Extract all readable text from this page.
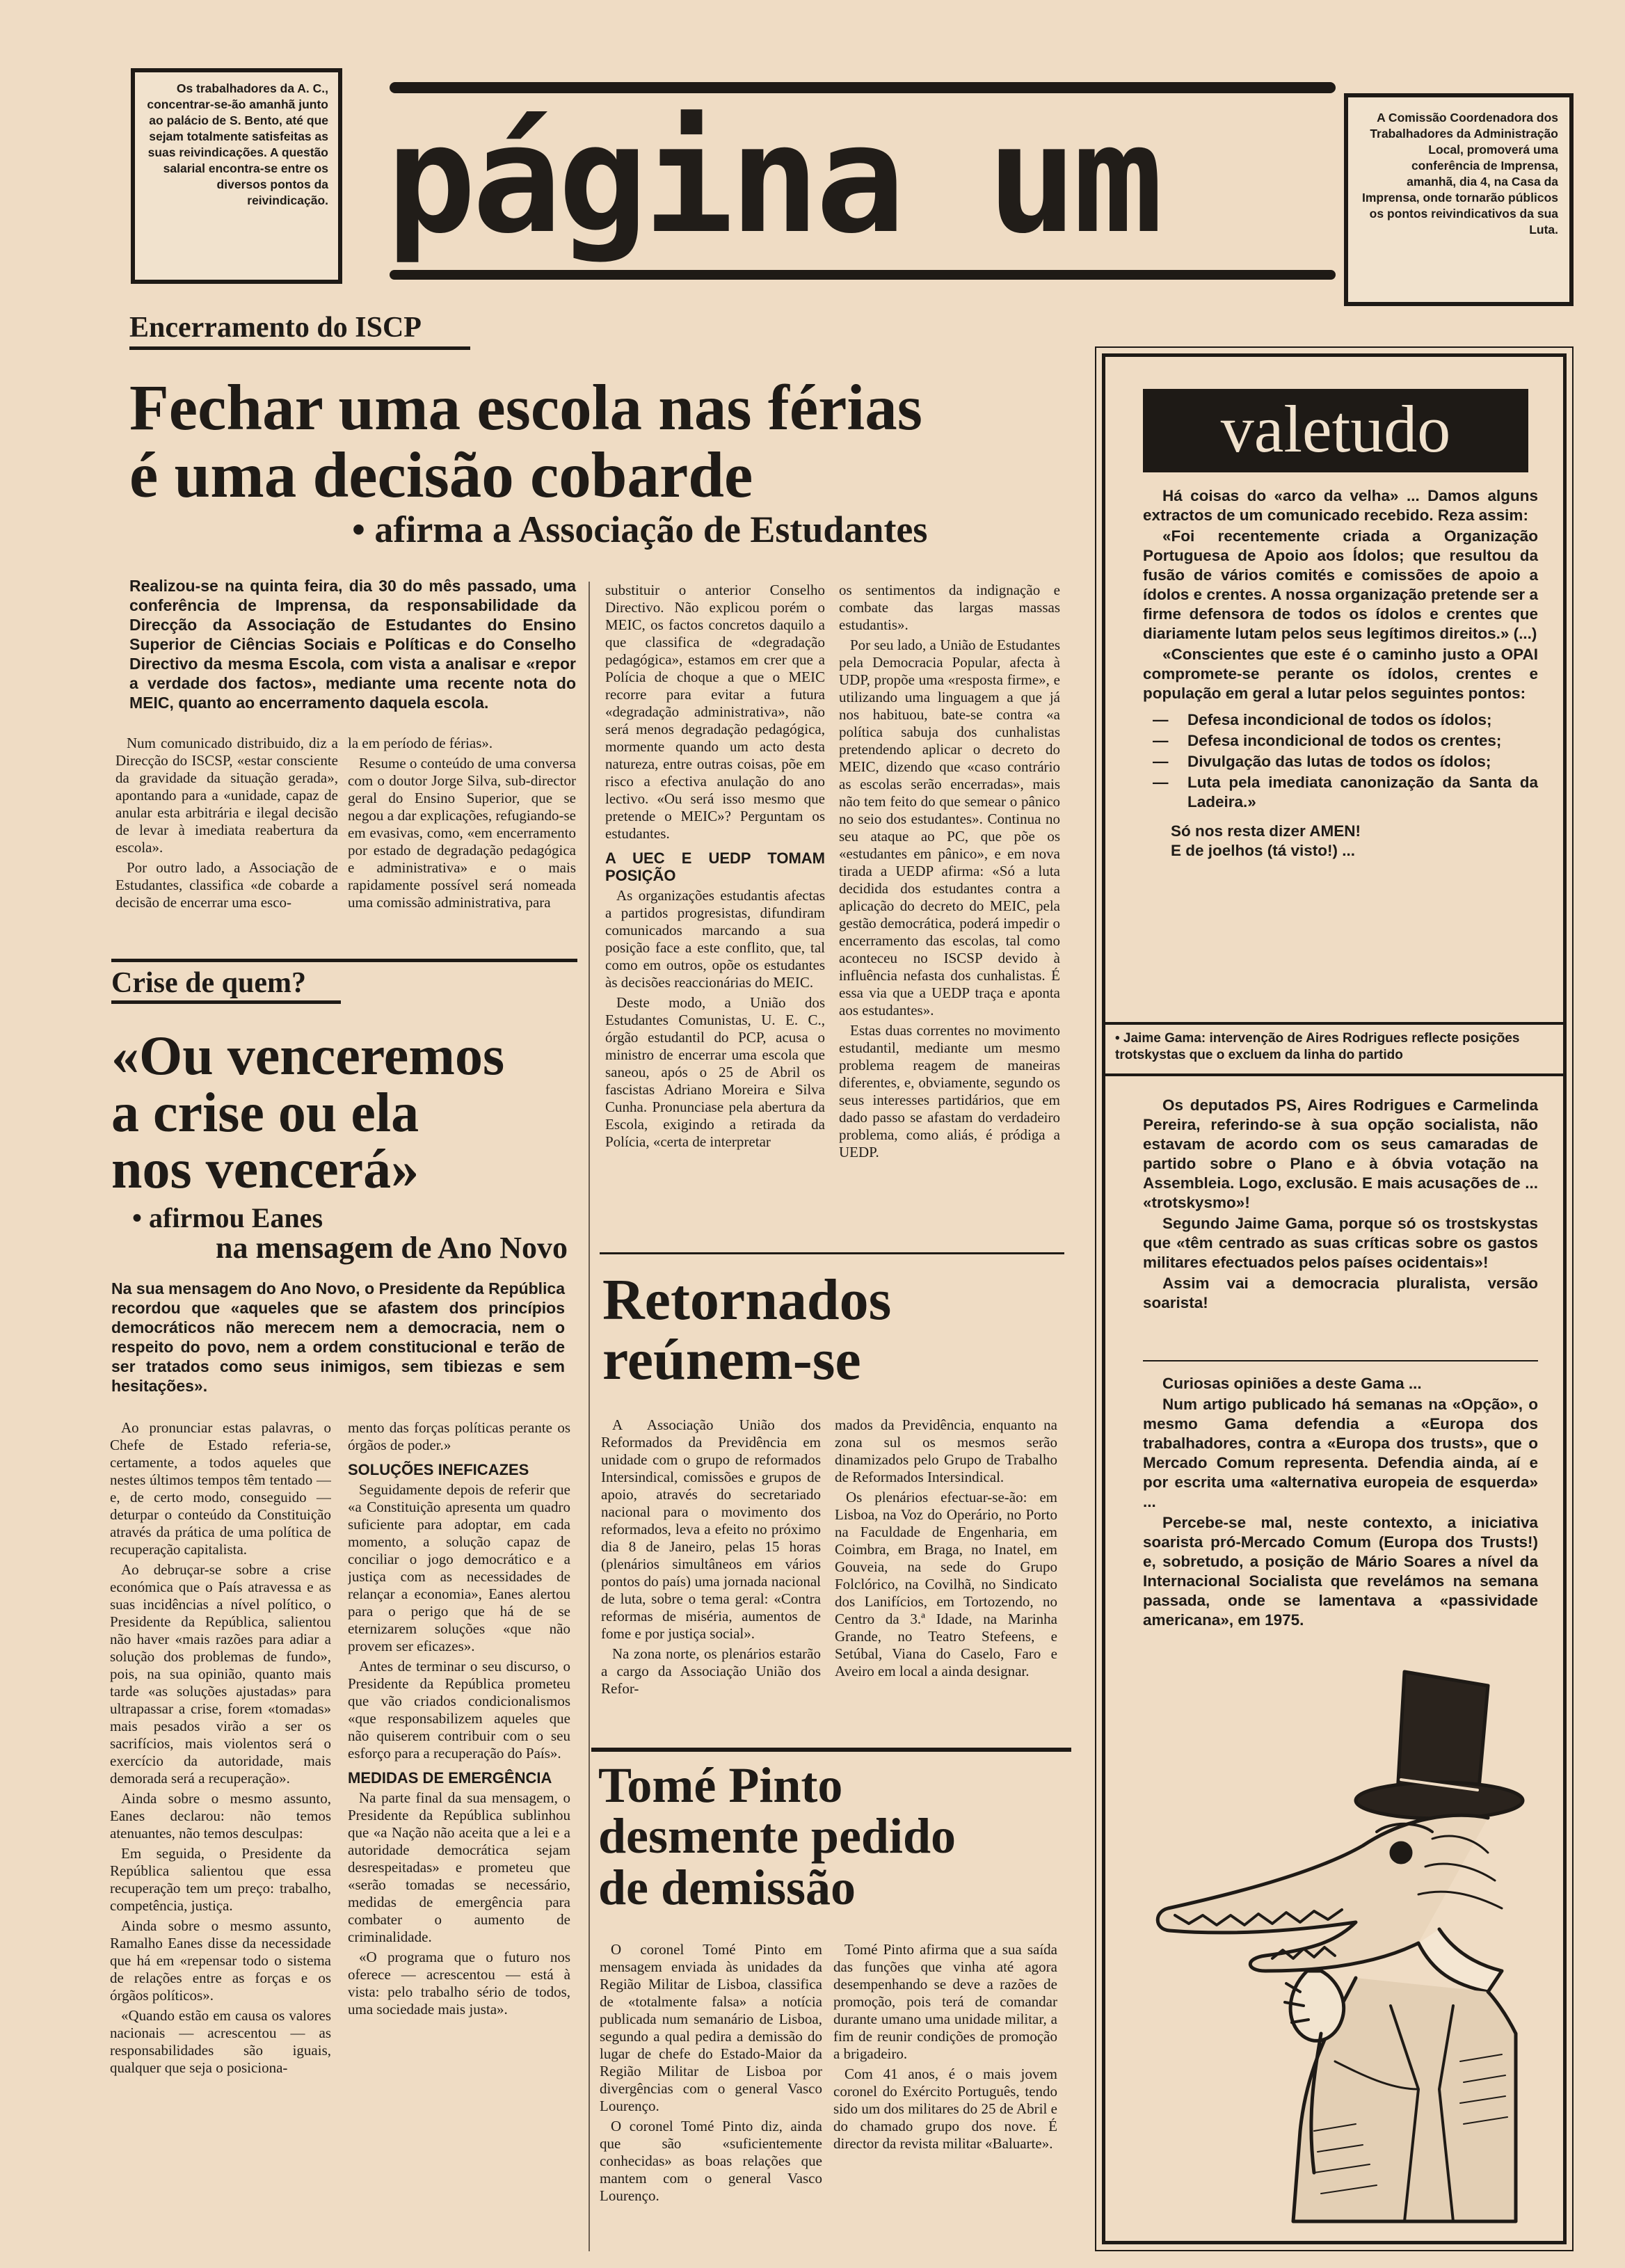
Os trabalhadores da A. C., concentrar-se-ão amanhã junto ao palácio de S. Bento, até que sejam totalmente satisfeitas as suas reivindicações. A questão salarial encontra-se entre os diversos pontos da reivindicação. página um	A Comissão Coordenadora dos Trabalhadores da Administração Local, promoverá uma conferência de Imprensa, amanhã, dia 4, na Casa da Imprensa, onde tornarão públicos os pontos reivindicativos da sua Luta.
Encerramento do ISCP
Fechar uma escola nas férias
é uma decisão cobarde
• afirma a Associação de Estudantes
Realizou-se na quinta feira, dia 30 do mês passado, uma conferência de Imprensa, da responsabilidade da Direcção da Associação de Estudantes do Ensino Superior de Ciências Sociais e Políticas e do Conselho Directivo da mesma Escola, com vista a analisar e «repor a verdade dos factos», mediante uma recente nota do MEIC, quanto ao encerramento daquela escola.

Num comunicado distribuido, diz a Direcção do ISCSP, «estar consciente da gravidade da situação gerada», apontando para a «unidade, capaz de anular esta arbitrária e ilegal decisão de levar à imediata reabertura da escola».

Por outro lado, a Associação de Estudantes, classifica «de cobarde a decisão de encerrar uma esco-

la em período de férias».

Resume o conteúdo de uma conversa com o doutor Jorge Silva, sub-director geral do Ensino Superior, que se negou a dar explicações, refugiando-se em evasivas, como, «em encerramento por estado de degradação pedagógica e administrativa» e o mais rapidamente possível será nomeada uma comissão administrativa, para

substituir o anterior Conselho Directivo. Não explicou porém o MEIC, os factos concretos daquilo a que classifica de «degradação pedagógica», estamos em crer que a Polícia de choque a que o MEIC recorre para evitar a futura «degradação administrativa», não será menos degradação pedagógica, mormente quando um acto desta natureza, entre outras coisas, põe em risco a efectiva anulação do ano lectivo. «Ou será isso mesmo que pretende o MEIC»? Perguntam os estudantes.

A UEC E UEDP TOMAM POSIÇÃO

As organizações estudantis afectas a partidos progresistas, difundiram comunicados marcando a sua posição face a este conflito, que, tal como em outros, opõe os estudantes às decisões reaccionárias do MEIC.

Deste modo, a União dos Estudantes Comunistas, U. E. C., órgão estudantil do PCP, acusa o ministro de encerrar uma escola que saneou, após o 25 de Abril os fascistas Adriano Moreira e Silva Cunha. Pronunciase pela abertura da Escola, exigindo a retirada da Polícia, «certa de interpretar

os sentimentos da indignação e combate das largas massas estudantis».

Por seu lado, a União de Estudantes pela Democracia Popular, afecta à UDP, propõe uma «resposta firme», e utilizando uma linguagem a que já nos habituou, bate-se contra «a política sabuja dos cunhalistas pretendendo aplicar o decreto do MEIC, dizendo que «caso contrário as escolas serão encerradas», mais não tem feito do que semear o pânico no seio dos estudantes». Continua no seu ataque ao PC, que põe os «estudantes em pânico», e em nova tirada a UEDP afirma: «Só a luta decidida dos estudantes contra a aplicação do decreto do MEIC, pela gestão democrática, poderá impedir o encerramento das escolas, tal como aconteceu no ISCSP devido à influência nefasta dos cunhalistas. É essa via que a UEDP traça e aponta aos estudantes».

Estas duas correntes no movimento estudantil, mediante um mesmo problema reagem de maneiras diferentes, e, obviamente, segundo os seus interesses partidários, que em dado passo se afastam do verdadeiro problema, como aliás, é pródiga a UEDP.

Crise de quem?
«Ou venceremos
a crise ou ela
nos vencerá»
• afirmou Eanes
na mensagem de Ano Novo
Na sua mensagem do Ano Novo, o Presidente da República recordou que «aqueles que se afastem dos princípios democráticos não merecem nem a democracia, nem o respeito do povo, nem a ordem constitucional e terão de ser tratados como seus inimigos, sem tibiezas e sem hesitações».

Ao pronunciar estas palavras, o Chefe de Estado referia-se, certamente, a todos aqueles que nestes últimos tempos têm tentado — e, de certo modo, conseguido — deturpar o conteúdo da Constituição através da prática de uma política de recuperação capitalista.

Ao debruçar-se sobre a crise económica que o País atravessa e as suas incidências a nível político, o Presidente da República, salientou não haver «mais razões para adiar a solução dos problemas de fundo», pois, na sua opinião, quanto mais tarde «as soluções ajustadas» para ultrapassar a crise, forem «tomadas» mais pesados virão a ser os sacrifícios, mais violentos será o exercício da autoridade, mais demorada será a recuperação».

Ainda sobre o mesmo assunto, Eanes declarou: não temos atenuantes, não temos desculpas:

Em seguida, o Presidente da República salientou que essa recuperação tem um preço: trabalho, competência, justiça.

Ainda sobre o mesmo assunto, Ramalho Eanes disse da necessidade que há em «repensar todo o sistema de relações entre as forças e os órgãos políticos».

«Quando estão em causa os valores nacionais — acrescentou — as responsabilidades são iguais, qualquer que seja o posiciona-

mento das forças políticas perante os órgãos de poder.»

SOLUÇÕES INEFICAZES

Seguidamente depois de referir que «a Constituição apresenta um quadro suficiente para adoptar, em cada momento, a solução capaz de conciliar o jogo democrático e a justiça com as necessidades de relançar a economia», Eanes alertou para o perigo que há de se eternizarem soluções «que não provem ser eficazes».

Antes de terminar o seu discurso, o Presidente da República prometeu que vão criados condicionalismos «que responsabilizem aqueles que não quiserem contribuir com o seu esforço para a recuperação do País».

MEDIDAS DE EMERGÊNCIA

Na parte final da sua mensagem, o Presidente da República sublinhou que «a Nação não aceita que a lei e a autoridade democrática sejam desrespeitadas» e prometeu que «serão tomadas se necessário, medidas de emergência para combater o aumento de criminalidade.

«O programa que o futuro nos oferece — acrescentou — está à vista: pelo trabalho sério de todos, uma sociedade mais justa».

Retornados
reúnem-se

A Associação União dos Reformados da Previdência em unidade com o grupo de reformados Intersindical, comissões e grupos de apoio, através do secretariado nacional para o movimento dos reformados, leva a efeito no próximo dia 8 de Janeiro, pelas 15 horas (plenários simultâneos em vários pontos do país) uma jornada nacional de luta, sobre o tema geral: «Contra reformas de miséria, aumentos de fome e por justiça social».

Na zona norte, os plenários estarão a cargo da Associação União dos Refor-

mados da Previdência, enquanto na zona sul os mesmos serão dinamizados pelo Grupo de Trabalho de Reformados Intersindical.

Os plenários efectuar-se-ão: em Lisboa, na Voz do Operário, no Porto na Faculdade de Engenharia, em Coimbra, em Braga, no Inatel, em Gouveia, na sede do Grupo Folclórico, na Covilhã, no Sindicato dos Lanifícios, em Tortozendo, no Centro da 3.ª Idade, na Marinha Grande, no Teatro Stefeens, e Setúbal, Viana do Caselo, Faro e Aveiro em local a ainda designar.

Tomé Pinto
desmente pedido
de demissão

O coronel Tomé Pinto em mensagem enviada às unidades da Região Militar de Lisboa, classifica de «totalmente falsa» a notícia publicada num semanário de Lisboa, segundo a qual pedira a demissão do lugar de chefe do Estado-Maior da Região Militar de Lisboa por divergências com o general Vasco Lourenço.

O coronel Tomé Pinto diz, ainda que são «suficientemente conhecidas» as boas relações que mantem com o general Vasco Lourenço.

Tomé Pinto afirma que a sua saída das funções que vinha até agora desempenhando se deve a razões de promoção, pois terá de comandar durante umano uma unidade militar, a fim de reunir condições de promoção a brigadeiro.

Com 41 anos, é o mais jovem coronel do Exército Português, tendo sido um dos militares do 25 de Abril e do chamado grupo dos nove. É director da revista militar «Baluarte».

valetudo

Há coisas do «arco da velha» ... Damos alguns extractos de um comunicado recebido. Reza assim:

«Foi recentemente criada a Organização Portuguesa de Apoio aos Ídolos; que resultou da fusão de vários comités e comissões de apoio a ídolos e crentes. A nossa organização pretende ser a firme defensora de todos os ídolos e crentes que diariamente lutam pelos seus legítimos direitos.» (...)

«Conscientes que este é o caminho justo a OPAI compromete-se perante os ídolos, crentes e população em geral a lutar pelos seguintes pontos:

— Defesa incondicional de todos os ídolos;
— Defesa incondicional de todos os crentes;
— Divulgação das lutas de todos os ídolos;
— Luta pela imediata canonização da Santa da Ladeira.»
Só nos resta dizer AMEN!
E de joelhos (tá visto!) ...
• Jaime Gama: intervenção de Aires Rodrigues reflecte posições trotskystas que o excluem da linha do partido

Os deputados PS, Aires Rodrigues e Carmelinda Pereira, referindo-se à sua opção socialista, não estavam de acordo com os seus camaradas de partido sobre o Plano e à óbvia votação na Assembleia. Logo, exclusão. E mais acusações de ... «trotskysmo»!

Segundo Jaime Gama, porque só os trostskystas que «têm centrado as suas críticas sobre os gastos militares efectuados pelos países ocidentais»!

Assim vai a democracia pluralista, versão soarista!

Curiosas opiniões a deste Gama ...

Num artigo publicado há semanas na «Opção», o mesmo Gama defendia a «Europa dos trabalhadores, contra a «Europa dos trusts», que o Mercado Comum representa. Defendia ainda, aí e por escrita uma «alternativa europeia de esquerda» ...

Percebe-se mal, neste contexto, a iniciativa soarista pró-Mercado Comum (Europa dos Trusts!) e, sobretudo, a posição de Mário Soares a nível da Internacional Socialista que revelámos na semana passada, onde se lamentava a «passividade americana», em 1975.
